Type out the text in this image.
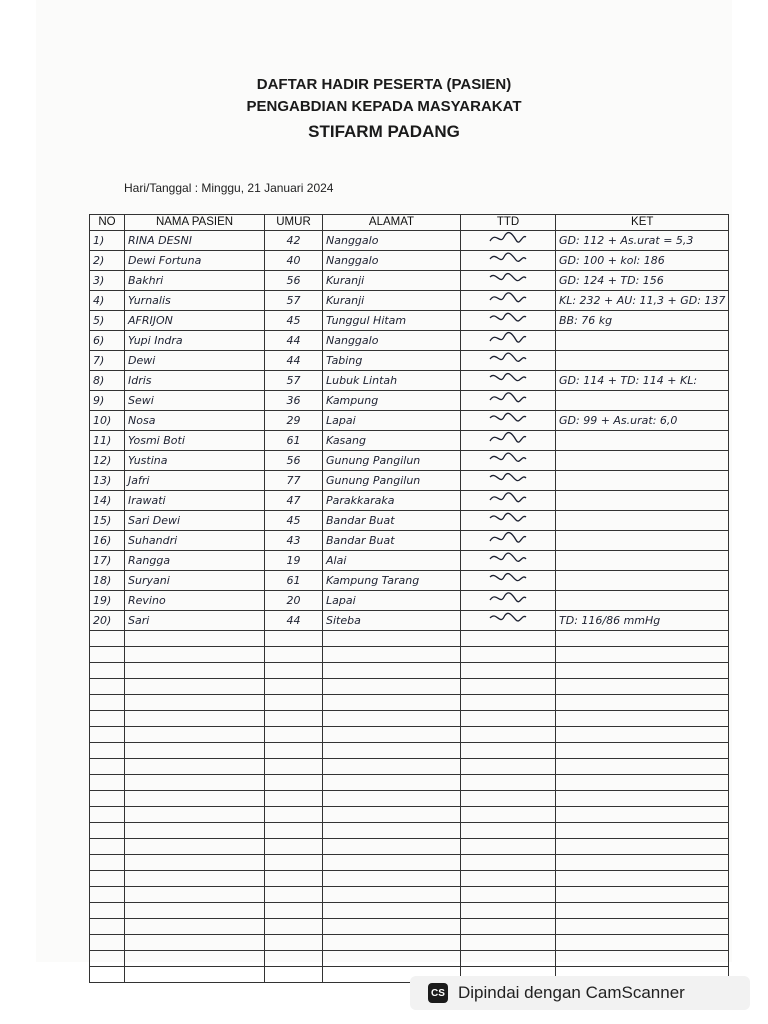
DAFTAR HADIR PESERTA (PASIEN)
PENGABDIAN KEPADA MASYARAKAT
STIFARM PADANG
Hari/Tanggal : Minggu, 21 Januari 2024
NO	NAMA PASIEN	UMUR	ALAMAT	TTD	KET
1)	RINA DESNI	42	Nanggalo		GD: 112 + As.urat = 5,3
2)	Dewi Fortuna	40	Nanggalo		GD: 100 + kol: 186
3)	Bakhri	56	Kuranji		GD: 124 + TD: 156
4)	Yurnalis	57	Kuranji		KL: 232 + AU: 11,3 + GD: 137
5)	AFRIJON	45	Tunggul Hitam		BB: 76 kg
6)	Yupi Indra	44	Nanggalo		
7)	Dewi	44	Tabing		
8)	Idris	57	Lubuk Lintah		GD: 114 + TD: 114 + KL:
9)	Sewi	36	Kampung		
10)	Nosa	29	Lapai		GD: 99 + As.urat: 6,0
11)	Yosmi Boti	61	Kasang		
12)	Yustina	56	Gunung Pangilun		
13)	Jafri	77	Gunung Pangilun		
14)	Irawati	47	Parakkaraka		
15)	Sari Dewi	45	Bandar Buat		
16)	Suhandri	43	Bandar Buat		
17)	Rangga	19	Alai		
18)	Suryani	61	Kampung Tarang		
19)	Revino	20	Lapai		
20)	Sari	44	Siteba		TD: 116/86 mmHg

CS Dipindai dengan CamScanner
